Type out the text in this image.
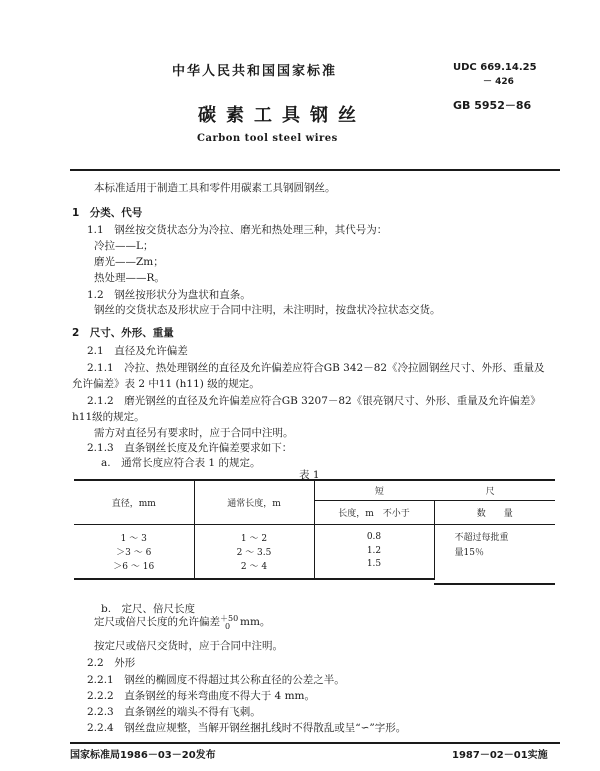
中华人民共和国国家标准	UDC 669.14.25
－ 426
GB 5952－86
碳素工具钢丝
Carbon tool steel wires
本标准适用于制造工具和零件用碳素工具钢圆钢丝。
1　分类、代号
1.1　钢丝按交货状态分为冷拉、磨光和热处理三种，其代号为：
冷拉——L；
磨光——Zm；
热处理——R。
1.2　钢丝按形状分为盘状和直条。
钢丝的交货状态及形状应于合同中注明，未注明时，按盘状冷拉状态交货。
2　尺寸、外形、重量
2.1　直径及允许偏差
2.1.1　冷拉、热处理钢丝的直径及允许偏差应符合GB 342－82《冷拉圆钢丝尺寸、外形、重量及
允许偏差》表 2 中11 (h11) 级的规定。
2.1.2　磨光钢丝的直径及允许偏差应符合GB 3207－82《银亮钢尺寸、外形、重量及允许偏差》
h11级的规定。
需方对直径另有要求时，应于合同中注明。
2.1.3　直条钢丝长度及允许偏差要求如下：
a.　通常长度应符合表 1 的规定。
表 1
直径，mm	通常长度，m	短 尺	
		长度，m　不小于	数　　量
1 ～ 3	1 ～ 2	0.8	不超过每批重
量15％

＞3 ～ 6	2 ～ 3.5	1.2	
＞6 ～ 16	2 ～ 4	1.5	
b.　定尺、倍尺长度
定尺或倍尺长度的允许偏差 ＋50
0 mm。
按定尺或倍尺交货时，应于合同中注明。
2.2　外形
2.2.1　钢丝的椭圆度不得超过其公称直径的公差之半。
2.2.2　直条钢丝的每米弯曲度不得大于 4 mm。
2.2.3　直条钢丝的端头不得有飞刺。
2.2.4　钢丝盘应规整，当解开钢丝捆扎线时不得散乱或呈“∽”字形。
国家标准局1986－03－20发布	1987－02－01实施
